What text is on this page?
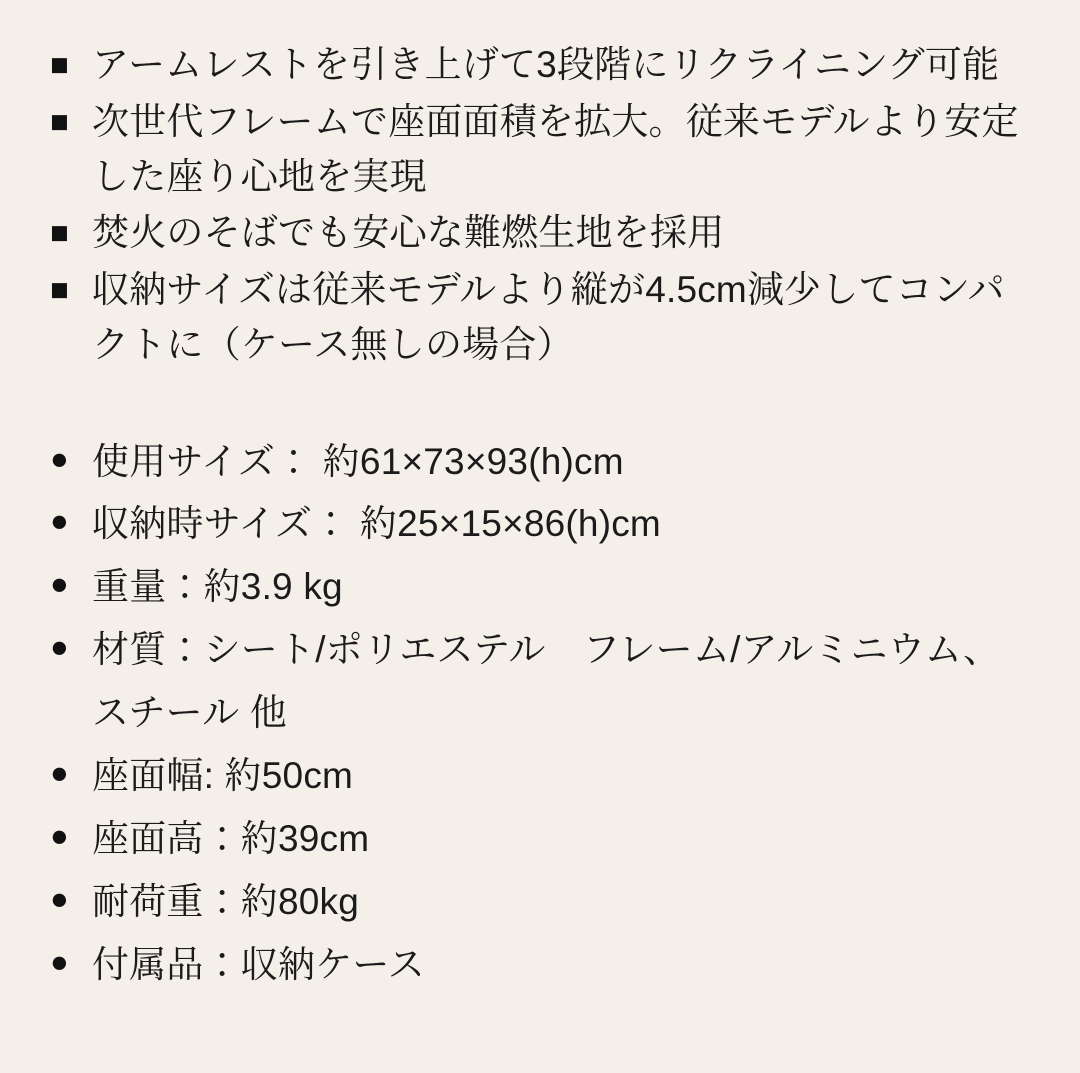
■ アームレストを引き上げて3段階にリクライニング可能
■ 次世代フレームで座面面積を拡大。従来モデルより安定した座り心地を実現
■ 焚火のそばでも安心な難燃生地を採用
■ 収納サイズは従来モデルより縦が4.5cm減少してコンパクトに（ケース無しの場合）
● 使用サイズ： 約61×73×93(h)cm
● 収納時サイズ： 約25×15×86(h)cm
● 重量：約3.9 kg
● 材質：シート/ポリエステル　フレーム/アルミニウム、スチール 他
● 座面幅: 約50cm
● 座面高：約39cm
● 耐荷重：約80kg
● 付属品：収納ケース
